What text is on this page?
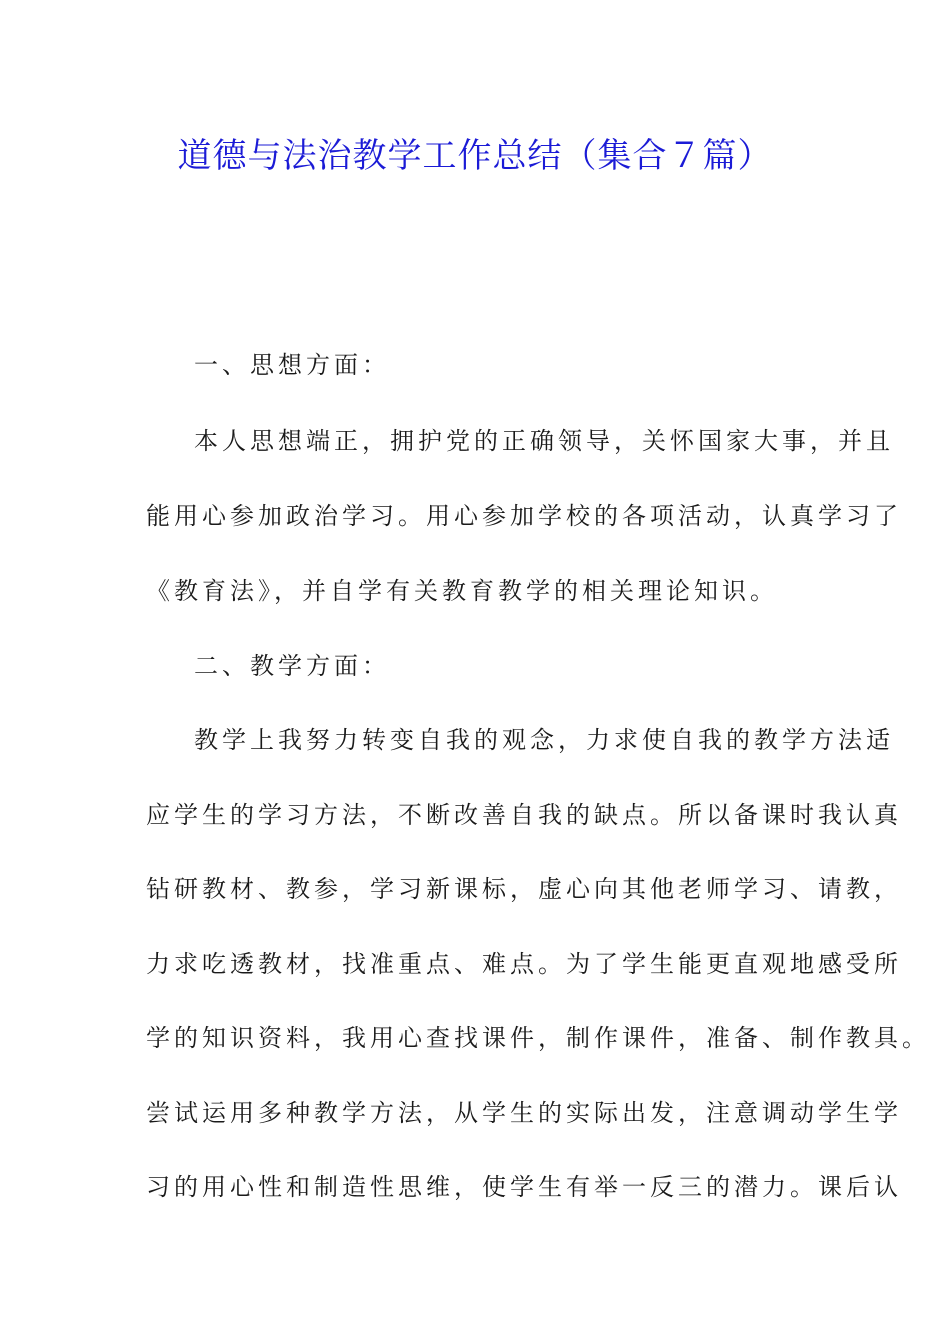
道德与法治教学工作总结（集合７篇）
一、思想方面：
本人思想端正，拥护党的正确领导，关怀国家大事，并且
能用心参加政治学习。用心参加学校的各项活动，认真学习了
《教育法》，并自学有关教育教学的相关理论知识。
二、教学方面：
教学上我努力转变自我的观念，力求使自我的教学方法适
应学生的学习方法，不断改善自我的缺点。所以备课时我认真
钻研教材、教参，学习新课标，虚心向其他老师学习、请教，
力求吃透教材，找准重点、难点。为了学生能更直观地感受所
学的知识资料，我用心查找课件，制作课件，准备、制作教具。
尝试运用多种教学方法，从学生的实际出发，注意调动学生学
习的用心性和制造性思维，使学生有举一反三的潜力。课后认
